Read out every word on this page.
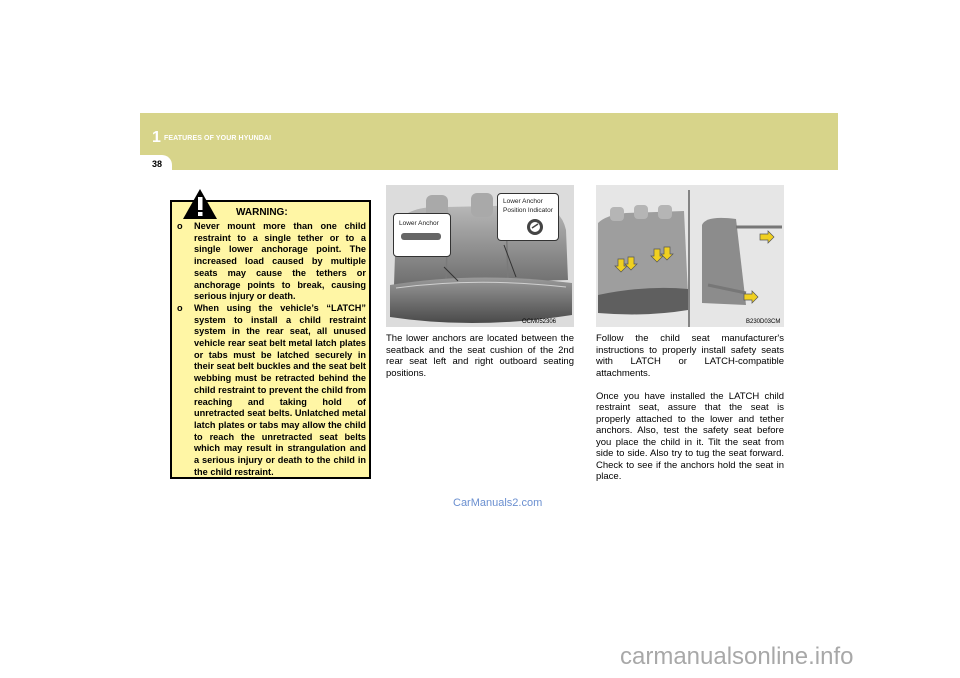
1 FEATURES OF YOUR HYUNDAI
38
WARNING:
o Never mount more than one child restraint to a single tether or to a single lower anchorage point. The increased load caused by multiple seats may cause the tethers or anchorage points to break, causing serious injury or death.
o When using the vehicle’s “LATCH” system to install a child restraint system in the rear seat, all unused vehicle rear seat belt metal latch plates or tabs must be latched securely in their seat belt buckles and the seat belt webbing must be retracted behind the child restraint to prevent the child from reaching and taking hold of unretracted seat belts. Unlatched metal latch plates or tabs may allow the child to reach the unretracted seat belts which may result in strangulation and a serious injury or death to the child in the child restraint.
Lower Anchor
Lower Anchor
Position Indicator
OCM052306	B230D03CM
The lower anchors are located between the seatback and the seat cushion of the 2nd rear seat left and right outboard seating positions.

Follow the child seat manufacturer's instructions to properly install safety seats with LATCH or LATCH-compatible attachments.

Once you have installed the LATCH child restraint seat, assure that the seat is properly attached to the lower and tether anchors. Also, test the safety seat before you place the child in it. Tilt the seat from side to side. Also try to tug the seat forward. Check to see if the anchors hold the seat in place.

CarManuals2.com
carmanualsonline.info
